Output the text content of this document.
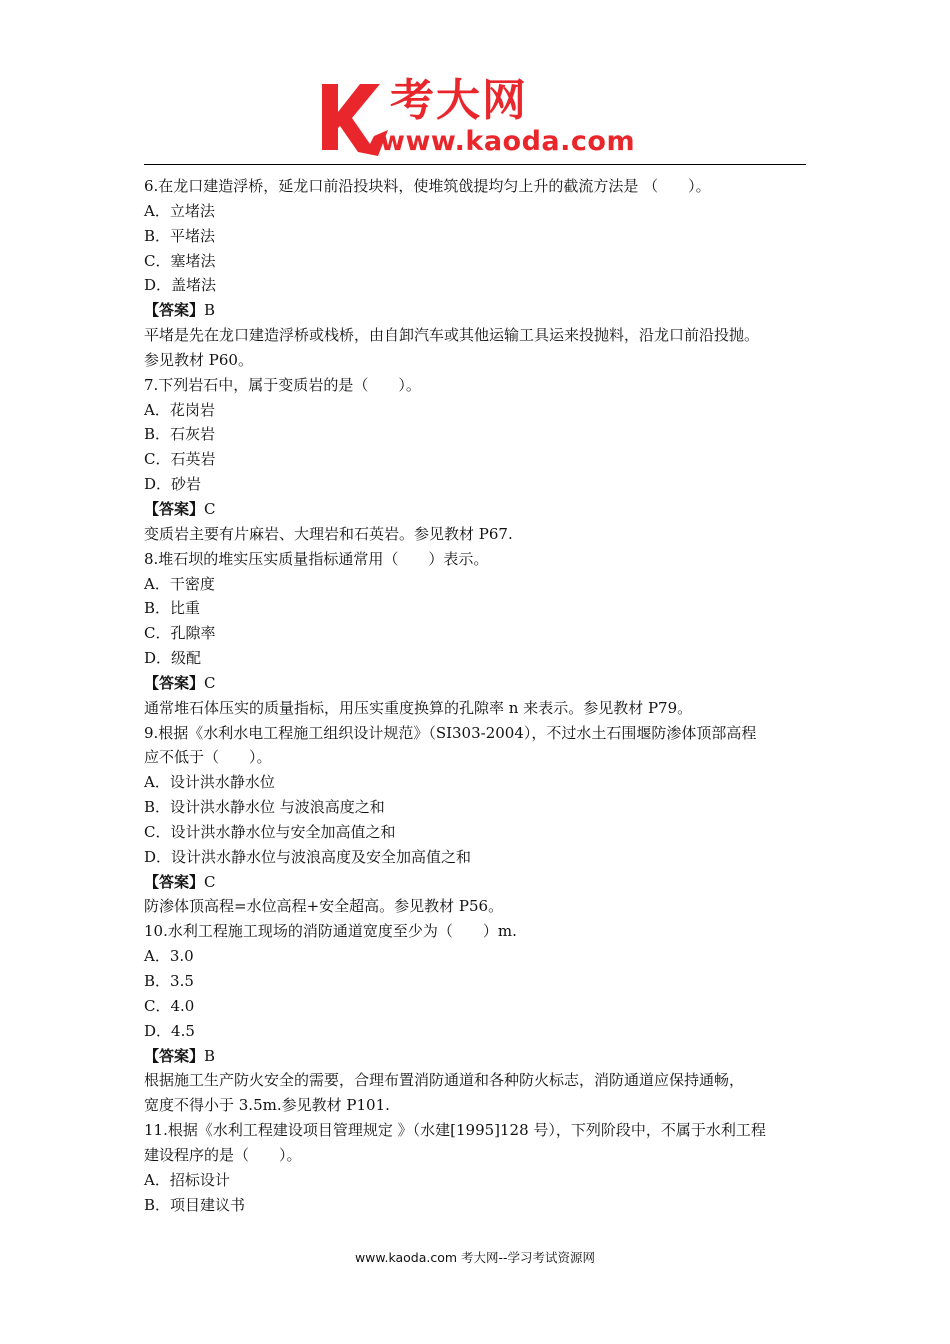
考大网
www.kaoda.com
6.在龙口建造浮桥，延龙口前沿投块料，使堆筑戗提均匀上升的截流方法是 （　　）。
A．立堵法
B．平堵法
C．塞堵法
D．盖堵法
【答案】B
平堵是先在龙口建造浮桥或栈桥，由自卸汽车或其他运输工具运来投抛料，沿龙口前沿投抛。
参见教材 P60。
7.下列岩石中，属于变质岩的是（　　）。
A．花岗岩
B．石灰岩
C．石英岩
D．砂岩
【答案】C
变质岩主要有片麻岩、大理岩和石英岩。参见教材 P67.
8.堆石坝的堆实压实质量指标通常用（　　）表示。
A．干密度
B．比重
C．孔隙率
D．级配
【答案】C
通常堆石体压实的质量指标，用压实重度换算的孔隙率 n 来表示。参见教材 P79。
9.根据《水利水电工程施工组织设计规范》（SI303-2004），不过水土石围堰防渗体顶部高程
应不低于（　　）。
A．设计洪水静水位
B．设计洪水静水位 与波浪高度之和
C．设计洪水静水位与安全加高值之和
D．设计洪水静水位与波浪高度及安全加高值之和
【答案】C
防渗体顶高程=水位高程+安全超高。参见教材 P56。
10.水利工程施工现场的消防通道宽度至少为（　　）m.
A．3.0
B．3.5
C．4.0
D．4.5
【答案】B
根据施工生产防火安全的需要，合理布置消防通道和各种防火标志，消防通道应保持通畅，
宽度不得小于 3.5m.参见教材 P101.
11.根据《水利工程建设项目管理规定 》（水建[1995]128 号），下列阶段中，不属于水利工程
建设程序的是（　　）。
A．招标设计
B．项目建议书
www.kaoda.com 考大网--学习考试资源网
